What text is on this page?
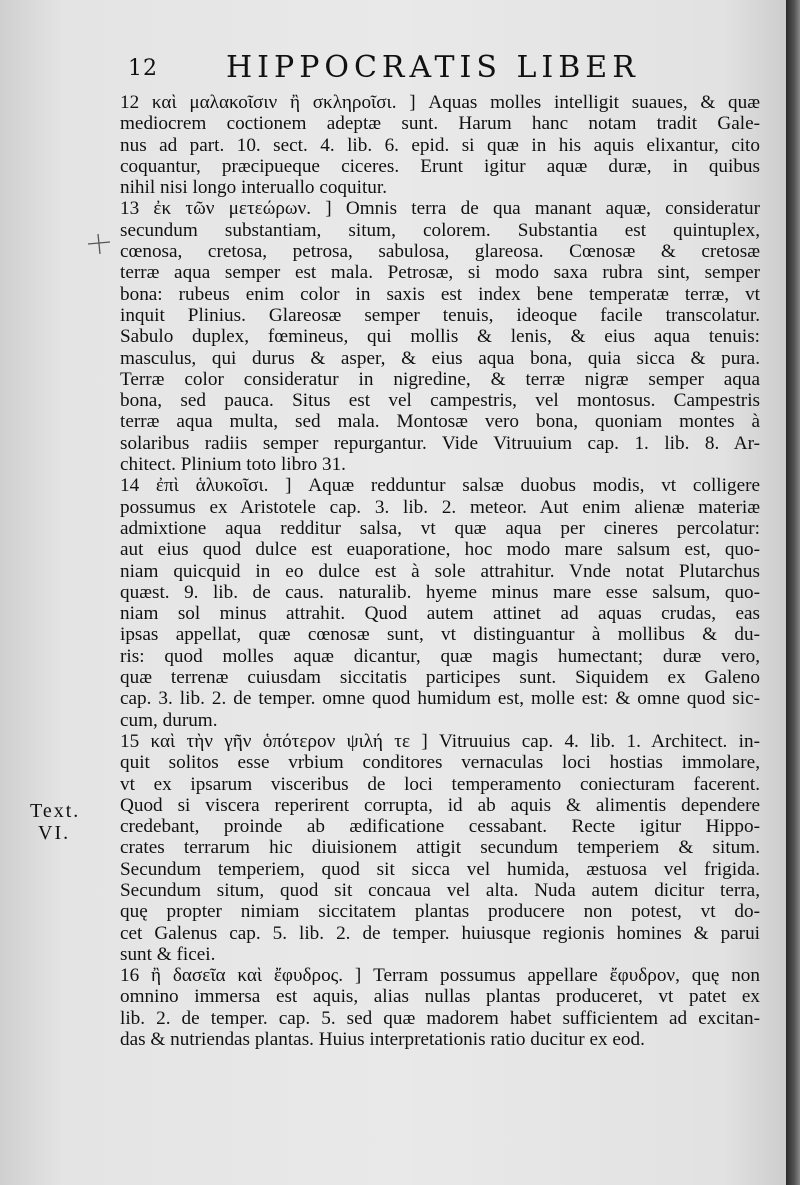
12 HIPPOCRATIS LIBER
Text.
VI.
12 καὶ μαλακοῖσιν ἢ σκληροῖσι. ] Aquas molles intelligit suaues, & quæ
mediocrem coctionem adeptæ sunt. Harum hanc notam tradit Gale-
nus ad part. 10. sect. 4. lib. 6. epid. si quæ in his aquis elixantur, cito
coquantur, præcipueque ciceres. Erunt igitur aquæ duræ, in quibus
nihil nisi longo interuallo coquitur.
13 ἐκ τῶν μετεώρων. ] Omnis terra de qua manant aquæ, consideratur
secundum substantiam, situm, colorem. Substantia est quintuplex,
cœnosa, cretosa, petrosa, sabulosa, glareosa. Cœnosæ & cretosæ
terræ aqua semper est mala. Petrosæ, si modo saxa rubra sint, semper
bona: rubeus enim color in saxis est index bene temperatæ terræ, vt
inquit Plinius. Glareosæ semper tenuis, ideoque facile transcolatur.
Sabulo duplex, fœmineus, qui mollis & lenis, & eius aqua tenuis:
masculus, qui durus & asper, & eius aqua bona, quia sicca & pura.
Terræ color consideratur in nigredine, & terræ nigræ semper aqua
bona, sed pauca. Situs est vel campestris, vel montosus. Campestris
terræ aqua multa, sed mala. Montosæ vero bona, quoniam montes à
solaribus radiis semper repurgantur. Vide Vitruuium cap. 1. lib. 8. Ar-
chitect. Plinium toto libro 31.
14 ἐπὶ ἁλυκοῖσι. ] Aquæ redduntur salsæ duobus modis, vt colligere
possumus ex Aristotele cap. 3. lib. 2. meteor. Aut enim alienæ materiæ
admixtione aqua redditur salsa, vt quæ aqua per cineres percolatur:
aut eius quod dulce est euaporatione, hoc modo mare salsum est, quo-
niam quicquid in eo dulce est à sole attrahitur. Vnde notat Plutarchus
quæst. 9. lib. de caus. naturalib. hyeme minus mare esse salsum, quo-
niam sol minus attrahit. Quod autem attinet ad aquas crudas, eas
ipsas appellat, quæ cœnosæ sunt, vt distinguantur à mollibus & du-
ris: quod molles aquæ dicantur, quæ magis humectant; duræ vero,
quæ terrenæ cuiusdam siccitatis participes sunt. Siquidem ex Galeno
cap. 3. lib. 2. de temper. omne quod humidum est, molle est: & omne quod sic-
cum, durum.
15 καὶ τὴν γῆν ὁπότερον ψιλή τε ] Vitruuius cap. 4. lib. 1. Architect. in-
quit solitos esse vrbium conditores vernaculas loci hostias immolare,
vt ex ipsarum visceribus de loci temperamento coniecturam facerent.
Quod si viscera reperirent corrupta, id ab aquis & alimentis dependere
credebant, proinde ab ædificatione cessabant. Recte igitur Hippo-
crates terrarum hic diuisionem attigit secundum temperiem & situm.
Secundum temperiem, quod sit sicca vel humida, æstuosa vel frigida.
Secundum situm, quod sit concaua vel alta. Nuda autem dicitur terra,
quę propter nimiam siccitatem plantas producere non potest, vt do-
cet Galenus cap. 5. lib. 2. de temper. huiusque regionis homines & parui
sunt & ficei.
16 ἢ δασεῖα καὶ ἔφυδρος. ] Terram possumus appellare ἔφυδρον, quę non
omnino immersa est aquis, alias nullas plantas produceret, vt patet ex
lib. 2. de temper. cap. 5. sed quæ madorem habet sufficientem ad excitan-
das & nutriendas plantas. Huius interpretationis ratio ducitur ex eod.
